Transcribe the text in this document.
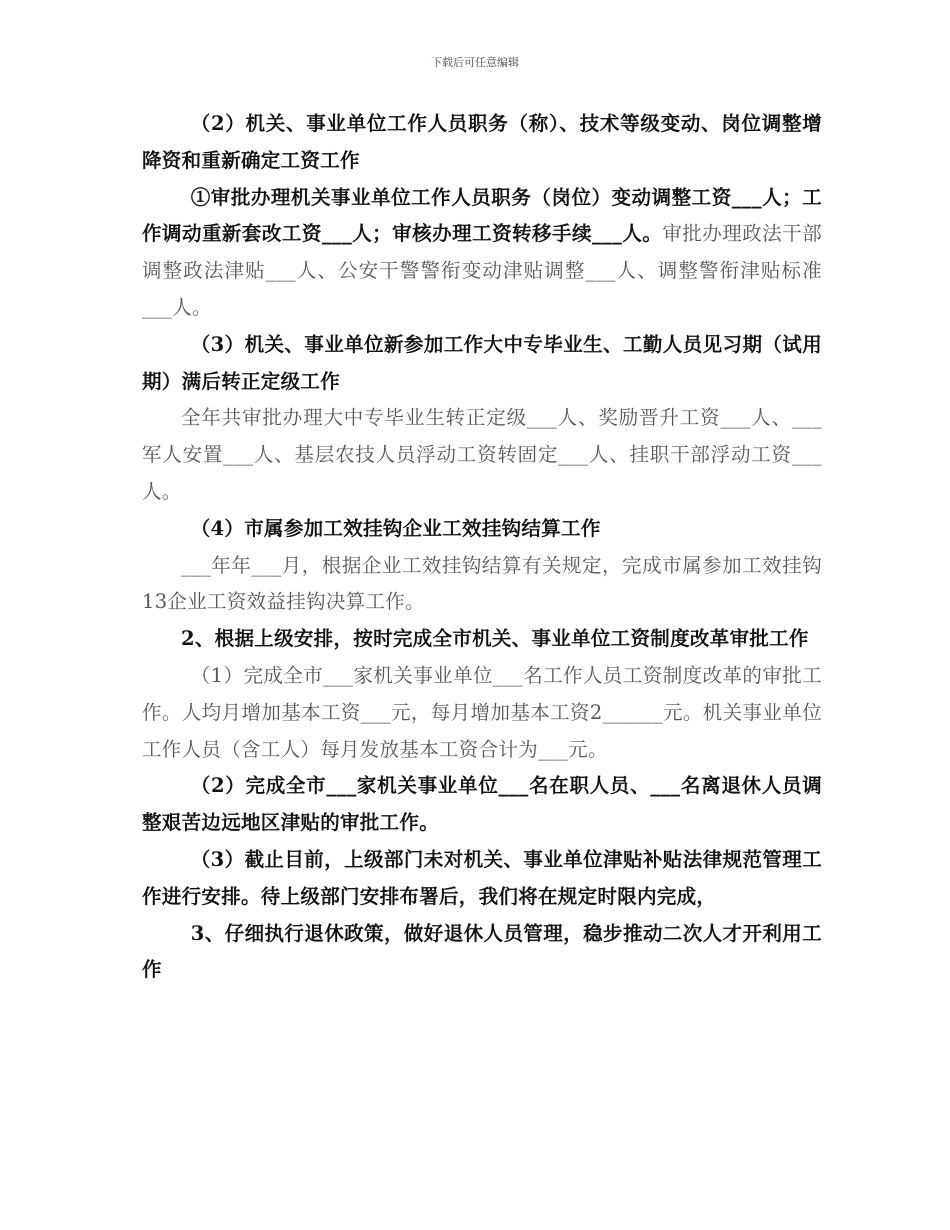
下载后可任意编辑

（2）机关、事业单位工作人员职务（称）、技术等级变动、岗位调整增降资和重新确定工资工作

①审批办理机关事业单位工作人员职务（岗位）变动调整工资___人；工作调动重新套改工资___人；审核办理工资转移手续___人。审批办理政法干部调整政法津贴___人、公安干警警衔变动津贴调整___人、调整警衔津贴标准___人。

（3）机关、事业单位新参加工作大中专毕业生、工勤人员见习期（试用期）满后转正定级工作

全年共审批办理大中专毕业生转正定级___人、奖励晋升工资___人、___军人安置___人、基层农技人员浮动工资转固定___人、挂职干部浮动工资___人。

（4）市属参加工效挂钩企业工效挂钩结算工作

___年年___月，根据企业工效挂钩结算有关规定，完成市属参加工效挂钩13企业工资效益挂钩决算工作。

2、根据上级安排，按时完成全市机关、事业单位工资制度改革审批工作

（1）完成全市___家机关事业单位___名工作人员工资制度改革的审批工作。人均月增加基本工资___元，每月增加基本工资2______元。机关事业单位工作人员（含工人）每月发放基本工资合计为___元。

（2）完成全市___家机关事业单位___名在职人员、___名离退休人员调整艰苦边远地区津贴的审批工作。

（3）截止目前，上级部门未对机关、事业单位津贴补贴法律规范管理工作进行安排。待上级部门安排布署后，我们将在规定时限内完成，

3、仔细执行退休政策，做好退休人员管理，稳步推动二次人才开利用工作
